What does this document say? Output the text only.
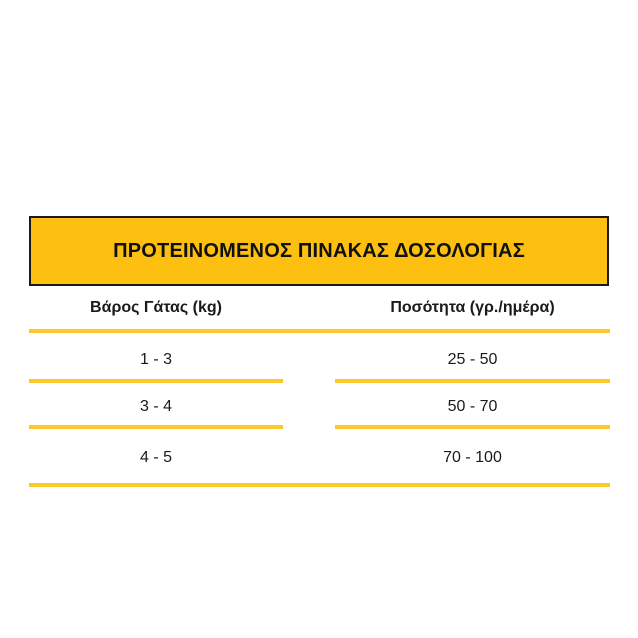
ΠΡΟΤΕΙΝΟΜΕΝΟΣ ΠΙΝΑΚΑΣ ΔΟΣΟΛΟΓΙΑΣ
Βάρος Γάτας (kg)	Ποσότητα (γρ./ημέρα)
1 - 3	25 - 50
3 - 4	50 - 70
4 - 5	70 - 100
